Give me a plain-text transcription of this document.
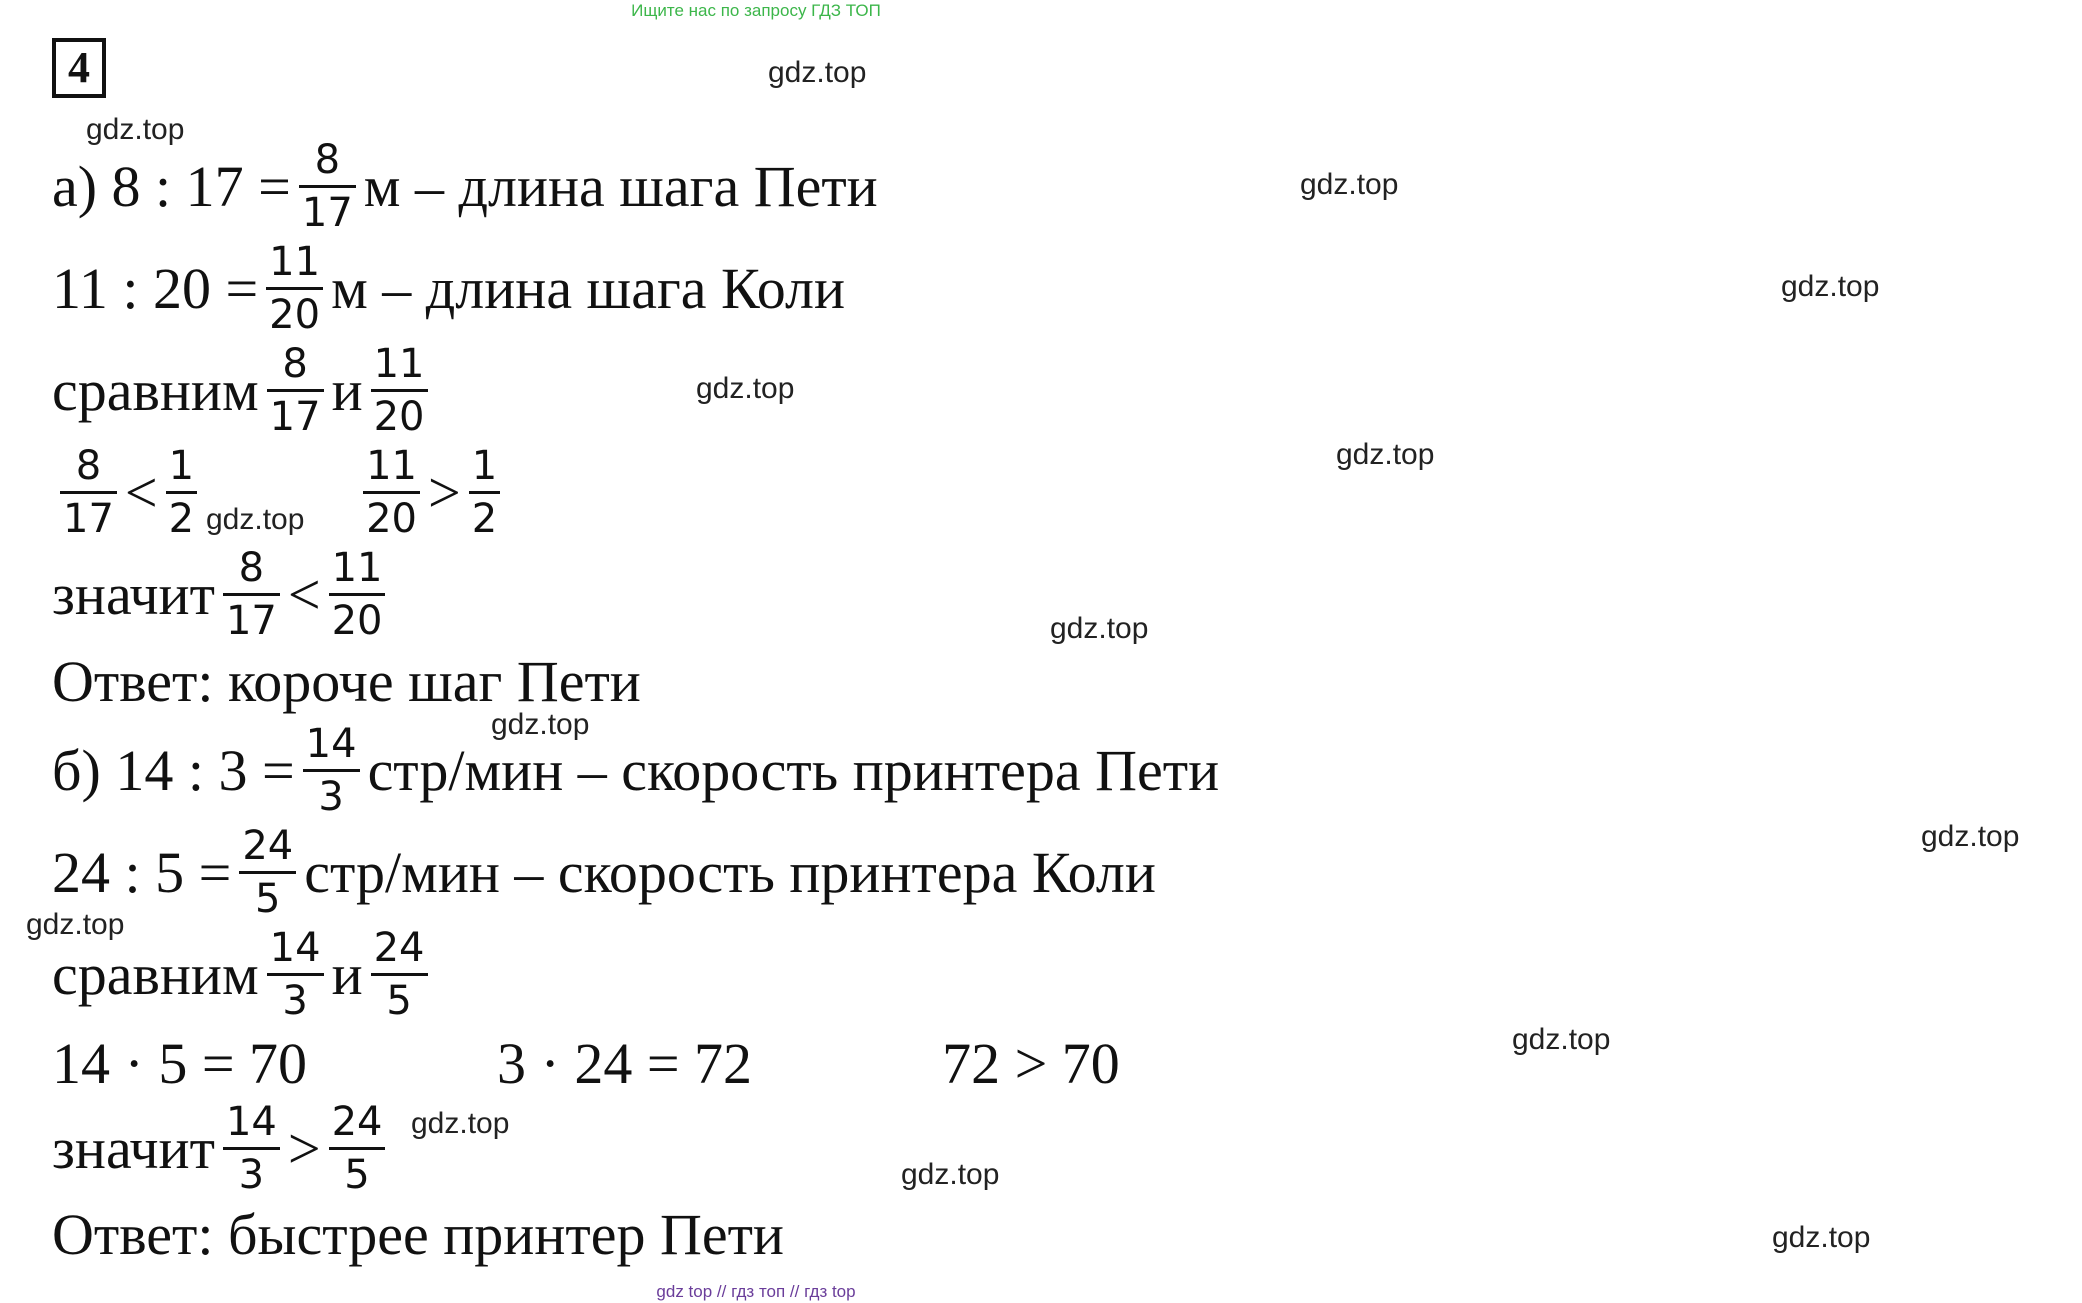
Ищите нас по запросу ГДЗ ТОП
4	gdz.top
gdz.top
gdz.top
gdz.top
gdz.top
gdz.top
gdz.top
gdz.top
gdz.top
gdz.top
gdz.top
gdz.top
gdz.top
gdz.top
gdz.top
а) 8 : $17 = \frac{8}{17}$ м – длина шага Пети
11 : $20 = \frac{11}{20}$ м – длина шага Коли
сравним $\frac{8}{17}$ и $\frac{11}{20}$
$\frac{8}{17} < \frac{1}{2}$	$\frac{11}{20} > \frac{1}{2}$
значит $\frac{8}{17} < \frac{11}{20}$
Ответ: короче шаг Пети
б) 14 : $3 = \frac{14}{3} стр/мин$ – скорость принтера Пети
24 : $5 = \frac{24}{5} стр/мин$ – скорость принтера Коли
сравним $\frac{14}{3}$ и $\frac{24}{5}$
14 · 5 = 70	3 · 24 = 72	72 > 70
значит $\frac{14}{3} > \frac{24}{5}$
Ответ: быстрее принтер Пети
gdz top // гдз топ // гдз top
